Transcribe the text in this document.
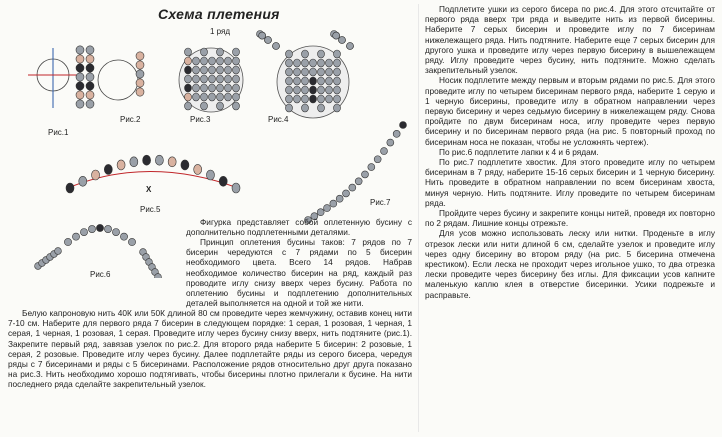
Схема плетения
1 ряд
Рис.1
Рис.2	Рис.3	Рис.4
Рис.5
Рис.6
Рис.7
Х

Фигурка представляет собой оплетенную бусину с дополнительно подплетенными деталями.

Принцип оплетения бусины таков: 7 рядов по 7 бисерин чередуются с 7 рядами по 5 бисерин необходимого цвета. Всего 14 рядов. Набрав необходимое количество бисерин на ряд, каждый раз проводите иглу снизу вверх через бусину. Работа по оплетению бусины и подплетению дополнительных деталей выполняется на одной и той же нити.

Белую капроновую нить 40К или 50К длиной 80 см проведите через жемчужину, оставив конец нити 7-10 см. Наберите для первого ряда 7 бисерин в следующем порядке: 1 серая, 1 розовая, 1 черная, 1 серая, 1 черная, 1 розовая, 1 серая. Проведите иглу через бусину снизу вверх, нить подтяните (рис.1). Закрепите первый ряд, завязав узелок по рис.2. Для второго ряда наберите 5 бисерин: 2 розовые, 1 серая, 2 розовые. Проведите иглу через бусину. Далее подплетайте ряды из серого бисера, чередуя ряды с 7 бисеринами и ряды с 5 бисеринами. Расположение рядов относительно друг друга показано на рис.3. Нить необходимо хорошо подтягивать, чтобы бисерины плотно прилегали к бусине. На нити последнего ряда сделайте закрепительный узелок.

Подплетите ушки из серого бисера по рис.4. Для этого отсчитайте от первого ряда вверх три ряда и выведите нить из первой бисерины. Наберите 7 серых бисерин и проведите иглу по 7 бисеринам нижележащего ряда. Нить подтяните. Наберите еще 7 серых бисерин для другого ушка и проведите иглу через первую бисерину в вышележащем ряду. Иглу проведите через бусину, нить подтяните. Можно сделать закрепительный узелок.

Носик подплетите между первым и вторым рядами по рис.5. Для этого проведите иглу по четырем бисеринам первого ряда, наберите 1 серую и 1 черную бисерины, проведите иглу в обратном направлении через первую бисерину и через седьмую бисерину в нижележащем ряду. Снова пройдите по двум бисеринам носа, иглу проведите через первую бисерину и по бисеринам первого ряда (на рис. 5 повторный проход по бисеринам носа не показан, чтобы не усложнять чертеж).

По рис.6 подплетите лапки к 4 и 6 рядам.

По рис.7 подплетите хвостик. Для этого проведите иглу по четырем бисеринам в 7 ряду, наберите 15-16 серых бисерин и 1 черную бисерину. Нить проведите в обратном направлении по всем бисеринам хвоста, минуя черную. Нить подтяните. Иглу проведите по четырем бисеринам ряда.

Пройдите через бусину и закрепите концы нитей, проведя их повторно по 2 рядам. Лишние концы отрежьте.

Для усов можно использовать леску или нитки. Проденьте в иглу отрезок лески или нити длиной 6 см, сделайте узелок и проведите иглу через одну бисерину во втором ряду (на рис. 5 бисерина отмечена крестиком). Если леска не проходит через игольное ушко, то два отрезка лески проведите через бисерину без иглы. Для фиксации усов капните маленькую каплю клея в отверстие бисеринки. Усики подрежьте и расправьте.
